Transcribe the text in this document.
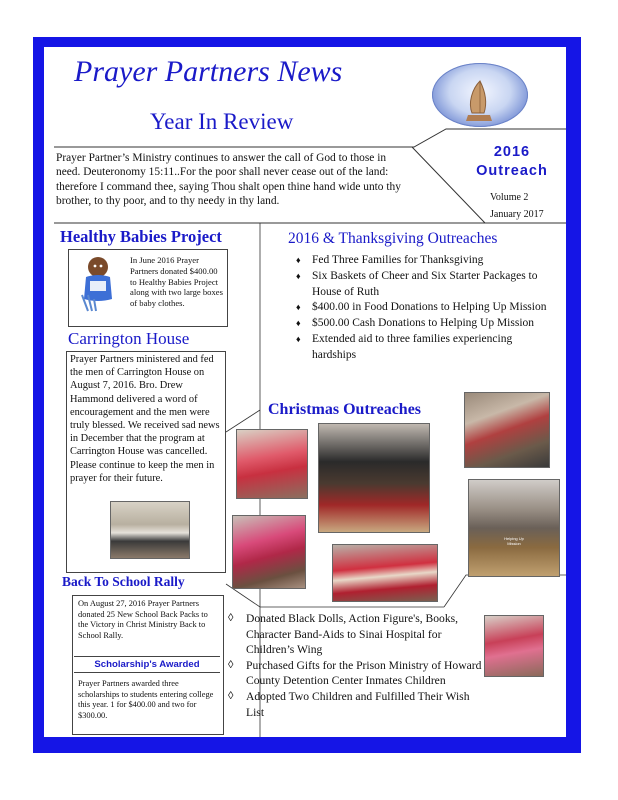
Prayer Partners News
Year In Review
Prayer Partner’s Ministry continues to answer the call of God to those in need. Deuteronomy 15:11..For the poor shall never cease out of the land: therefore I command thee, saying Thou shalt open thine hand wide unto thy brother, to thy poor, and to thy needy in thy land.
2016
Outreach
Volume 2
January 2017
Healthy Babies Project
In June 2016 Prayer Partners donated $400.00 to Healthy Babies Project along with two large boxes of baby clothes.
Carrington House
Prayer Partners ministered and fed the men of Carrington House on August 7, 2016. Bro. Drew Hammond delivered a word of encouragement and the men were truly blessed. We received sad news in December that the program at Carrington House was cancelled. Please continue to keep the men in prayer for their future.
Back To School Rally
On August 27, 2016 Prayer Partners donated 25 New School Back Packs to the Victory in Christ Ministry Back to School Rally.
Scholarship's Awarded
Prayer Partners awarded three scholarships to students entering college this year. 1 for $400.00 and two for $300.00.
2016 & Thanksgiving Outreaches
♦ Fed Three Families for Thanksgiving
♦ Six Baskets of Cheer and Six Starter Packages to House of Ruth
♦ $400.00 in Food Donations to Helping Up Mission
♦ $500.00 Cash Donations to Helping Up Mission
♦ Extended aid to three families experiencing hardships
Christmas Outreaches
Helping Up Mission
◊ Donated Black Dolls, Action Figure's, Books, Character Band-Aids to Sinai Hospital for Children’s Wing
◊ Purchased Gifts for the Prison Ministry of Howard County Detention Center Inmates Children
◊ Adopted Two Children and Fulfilled Their Wish List
